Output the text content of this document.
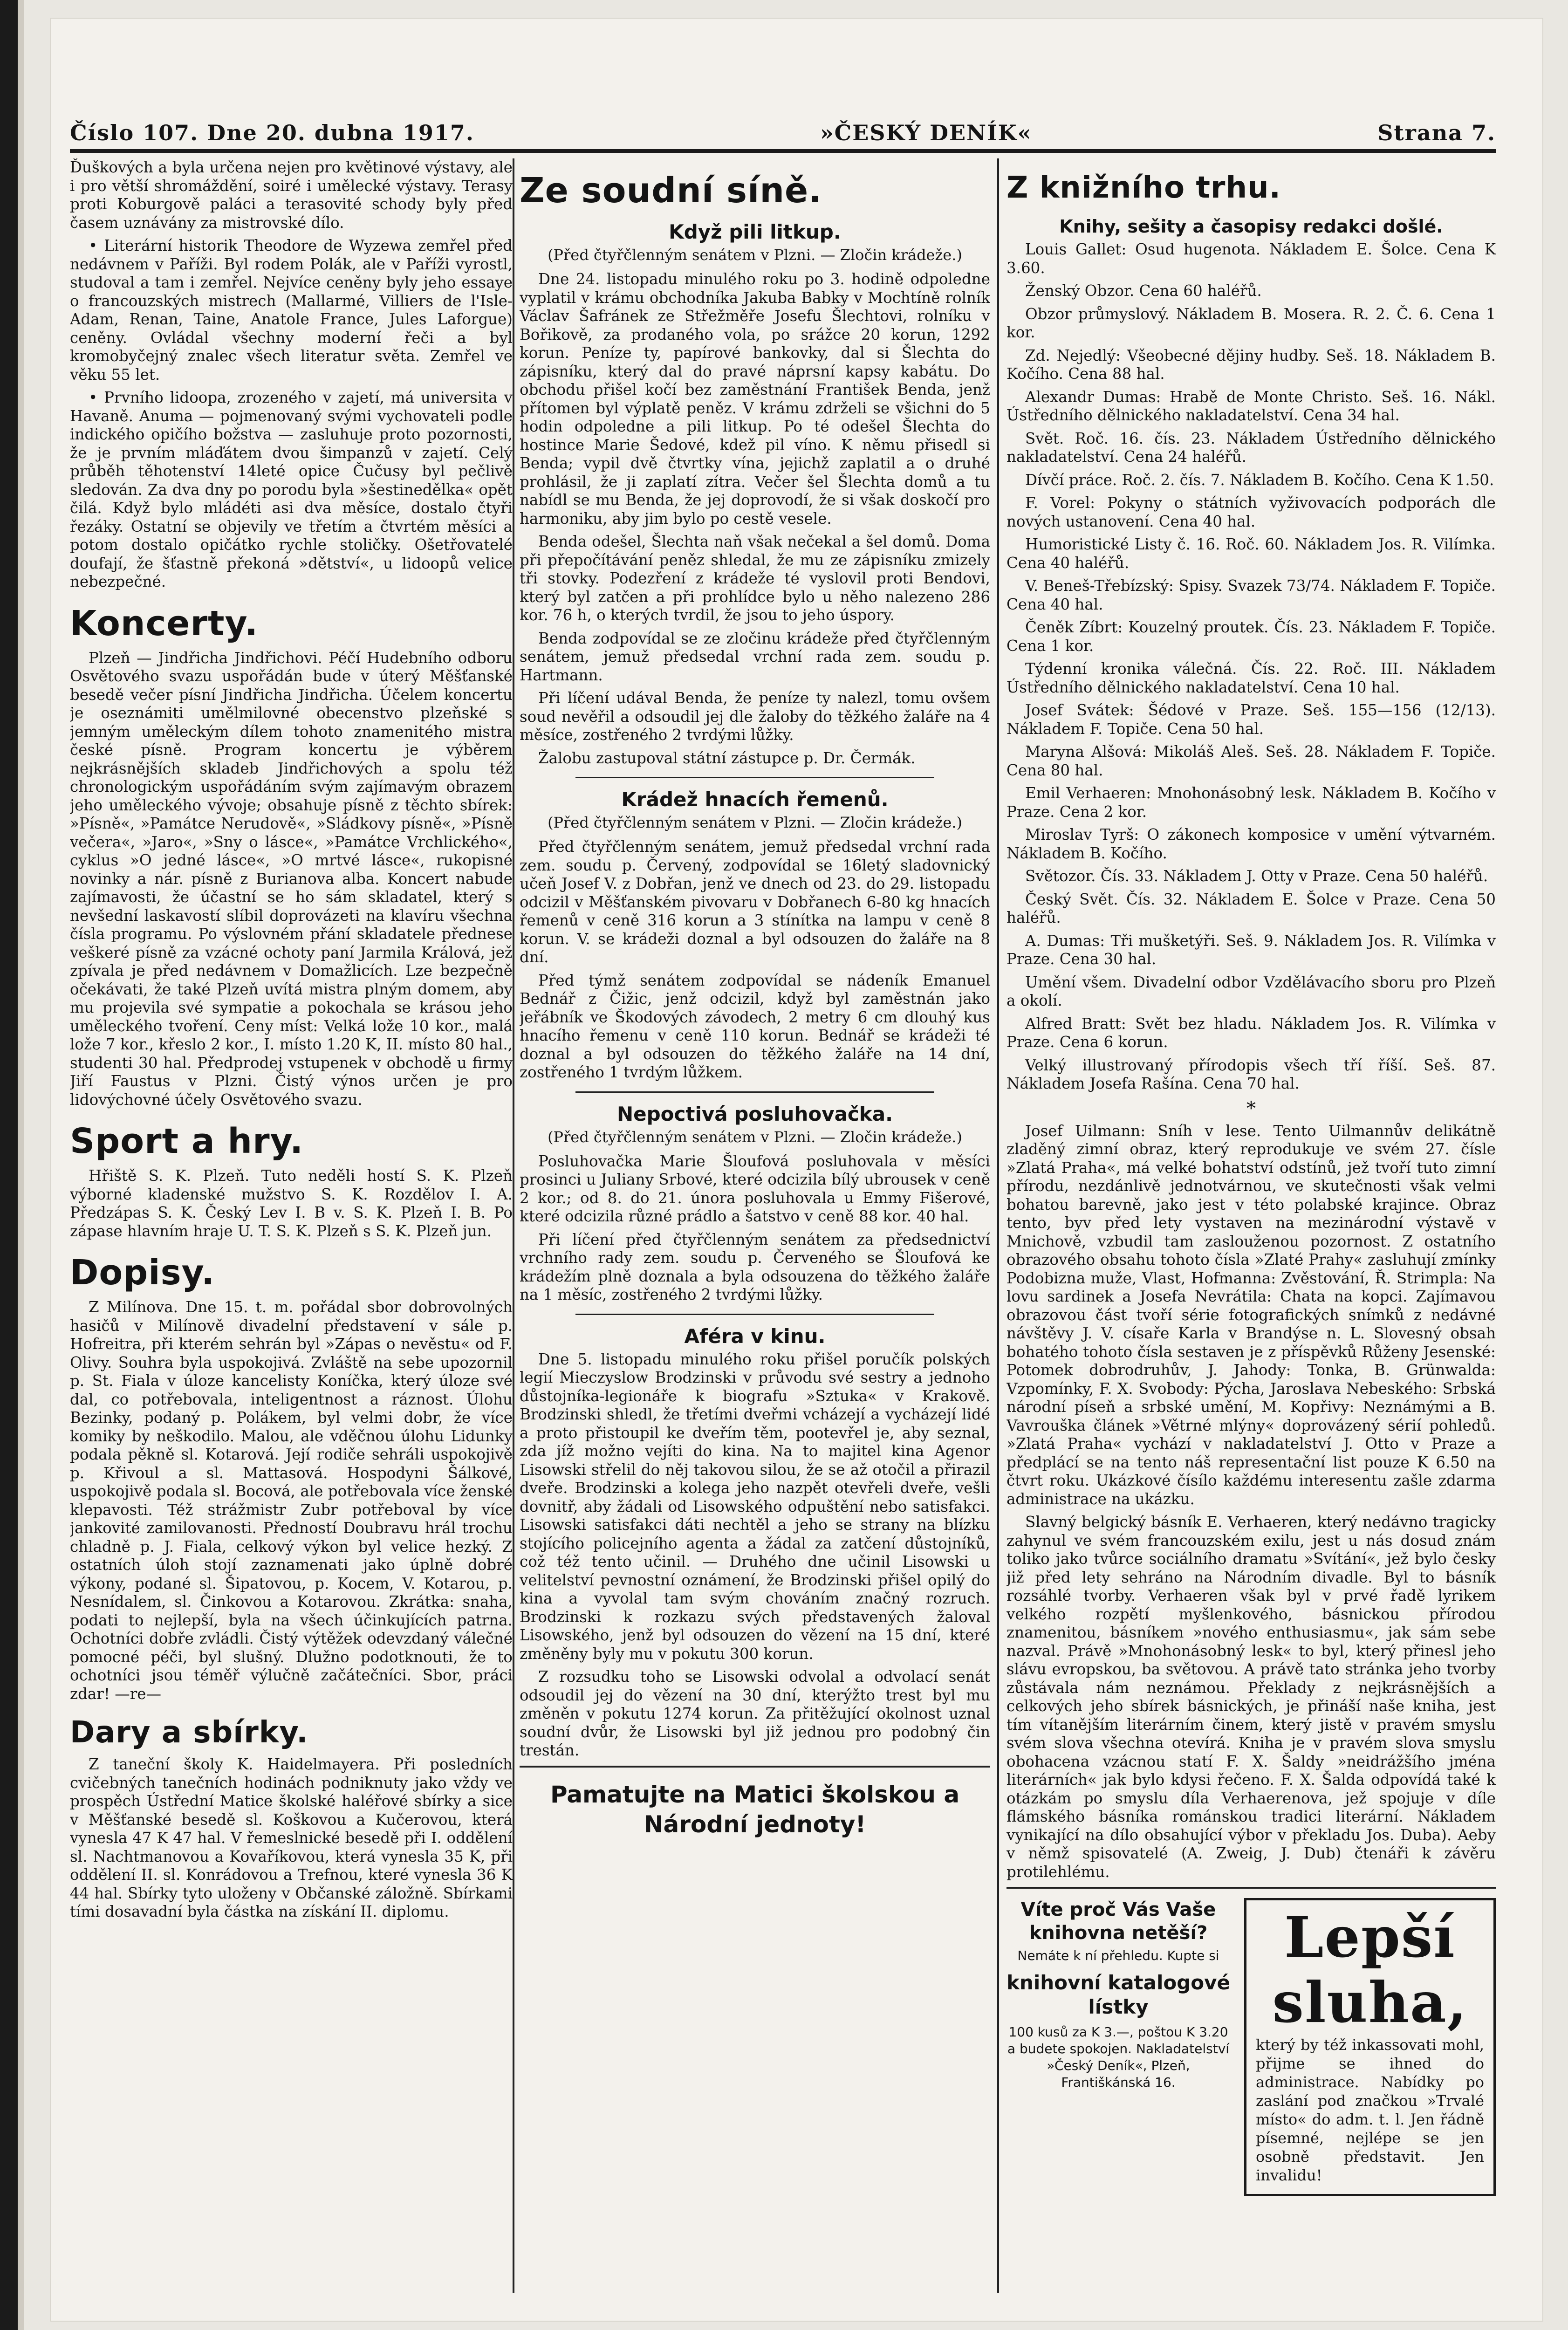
Číslo 107. Dne 20. dubna 1917.	»ČESKÝ DENÍK«	Strana 7.

Ďuškových a byla určena nejen pro květinové výstavy, ale i pro větší shromáždění, soiré i umělecké výstavy. Terasy proti Koburgově paláci a terasovité schody byly před časem uznávány za mistrovské dílo.

• Literární historik Theodore de Wyzewa zemřel před nedávnem v Paříži. Byl rodem Polák, ale v Paříži vyrostl, studoval a tam i zemřel. Nejvíce ceněny byly jeho essaye o francouzských mistrech (Mallarmé, Villiers de l'Isle-Adam, Renan, Taine, Anatole France, Jules Laforgue) ceněny. Ovládal všechny moderní řeči a byl kromobyčejný znalec všech literatur světa. Zemřel ve věku 55 let.

• Prvního lidoopa, zrozeného v zajetí, má universita v Havaně. Anuma — pojmenovaný svými vychovateli podle indického opičího božstva — zasluhuje proto pozornosti, že je prvním mláďátem dvou šimpanzů v zajetí. Celý průběh těhotenství 14leté opice Čučusy byl pečlivě sledován. Za dva dny po porodu byla »šestinedělka« opět čilá. Když bylo mládéti asi dva měsíce, dostalo čtyři řezáky. Ostatní se objevily ve třetím a čtvrtém měsíci a potom dostalo opičátko rychle stoličky. Ošetřovatelé doufají, že šťastně překoná »dětství«, u lidoopů velice nebezpečné.

Koncerty.

Plzeň — Jindřicha Jindřichovi. Péčí Hudebního odboru Osvětového svazu uspořádán bude v úterý Měšťanské besedě večer písní Jindřicha Jindřicha. Účelem koncertu je oseznámiti umělmilovné obecenstvo plzeňské s jemným uměleckým dílem tohoto znamenitého mistra české písně. Program koncertu je výběrem nejkrásnějších skladeb Jindřichových a spolu též chronologickým uspořádáním svým zajímavým obrazem jeho uměleckého vývoje; obsahuje písně z těchto sbírek: »Písně«, »Památce Nerudově«, »Sládkovy písně«, »Písně večera«, »Jaro«, »Sny o lásce«, »Památce Vrchlického«, cyklus »O jedné lásce«, »O mrtvé lásce«, rukopisné novinky a nár. písně z Burianova alba. Koncert nabude zajímavosti, že účastní se ho sám skladatel, který s nevšední laskavostí slíbil doprovázeti na klavíru všechna čísla programu. Po výslovném přání skladatele přednese veškeré písně za vzácné ochoty paní Jarmila Králová, jež zpívala je před nedávnem v Domažlicích. Lze bezpečně očekávati, že také Plzeň uvítá mistra plným domem, aby mu projevila své sympatie a pokochala se krásou jeho uměleckého tvoření. Ceny míst: Velká lože 10 kor., malá lože 7 kor., křeslo 2 kor., I. místo 1.20 K, II. místo 80 hal., studenti 30 hal. Předprodej vstupenek v obchodě u firmy Jiří Faustus v Plzni. Čistý výnos určen je pro lidovýchovné účely Osvětového svazu.

Sport a hry.

Hřiště S. K. Plzeň. Tuto neděli hostí S. K. Plzeň výborné kladenské mužstvo S. K. Rozdělov I. A. Předzápas S. K. Český Lev I. B v. S. K. Plzeň I. B. Po zápase hlavním hraje U. T. S. K. Plzeň s S. K. Plzeň jun.

Dopisy.

Z Milínova. Dne 15. t. m. pořádal sbor dobrovolných hasičů v Milínově divadelní představení v sále p. Hofreitra, při kterém sehrán byl »Zápas o nevěstu« od F. Olivy. Souhra byla uspokojivá. Zvláště na sebe upozornil p. St. Fiala v úloze kancelisty Koníčka, který úloze své dal, co potřebovala, inteligentnost a ráznost. Úlohu Bezinky, podaný p. Polákem, byl velmi dobr, že více komiky by neškodilo. Malou, ale vděčnou úlohu Lidunky podala pěkně sl. Kotarová. Její rodiče sehráli uspokojivě p. Křivoul a sl. Mattasová. Hospodyni Šálkové, uspokojivě podala sl. Bocová, ale potřebovala více ženské klepavosti. Též strážmistr Zubr potřeboval by více jankovité zamilovanosti. Předností Doubravu hrál trochu chladně p. J. Fiala, celkový výkon byl velice hezký. Z ostatních úloh stojí zaznamenati jako úplně dobré výkony, podané sl. Šipatovou, p. Kocem, V. Kotarou, p. Nesnídalem, sl. Činkovou a Kotarovou. Zkrátka: snaha, podati to nejlepší, byla na všech účinkujících patrna. Ochotníci dobře zvládli. Čistý výtěžek odevzdaný válečné pomocné péči, byl slušný. Dlužno podotknouti, že to ochotníci jsou téměř výlučně začátečníci. Sbor, práci zdar! —re—

Dary a sbírky.

Z taneční školy K. Haidelmayera. Při posledních cvičebných tanečních hodinách podniknuty jako vždy ve prospěch Ústřední Matice školské haléřové sbírky a sice v Měšťanské besedě sl. Koškovou a Kučerovou, která vynesla 47 K 47 hal. V řemeslnické besedě při I. oddělení sl. Nachtmanovou a Kovaříkovou, která vynesla 35 K, při oddělení II. sl. Konrádovou a Trefnou, které vynesla 36 K 44 hal. Sbírky tyto uloženy v Občanské záložně. Sbírkami tími dosavadní byla částka na získání II. diplomu.

Ze soudní síně.
Když pili litkup.
(Před čtyřčlenným senátem v Plzni. — Zločin krádeže.)

Dne 24. listopadu minulého roku po 3. hodině odpoledne vyplatil v krámu obchodníka Jakuba Babky v Mochtíně rolník Václav Šafránek ze Střežměře Josefu Šlechtovi, rolníku v Bořikově, za prodaného vola, po srážce 20 korun, 1292 korun. Peníze ty, papírové bankovky, dal si Šlechta do zápisníku, který dal do pravé náprsní kapsy kabátu. Do obchodu přišel kočí bez zaměstnání František Benda, jenž přítomen byl výplatě peněz. V krámu zdrželi se všichni do 5 hodin odpoledne a pili litkup. Po té odešel Šlechta do hostince Marie Šedové, kdež pil víno. K němu přisedl si Benda; vypil dvě čtvrtky vína, jejichž zaplatil a o druhé prohlásil, že ji zaplatí zítra. Večer šel Šlechta domů a tu nabídl se mu Benda, že jej doprovodí, že si však doskočí pro harmoniku, aby jim bylo po cestě vesele.

Benda odešel, Šlechta naň však nečekal a šel domů. Doma při přepočítávání peněz shledal, že mu ze zápisníku zmizely tři stovky. Podezření z krádeže té vyslovil proti Bendovi, který byl zatčen a při prohlídce bylo u něho nalezeno 286 kor. 76 h, o kterých tvrdil, že jsou to jeho úspory.

Benda zodpovídal se ze zločinu krádeže před čtyřčlenným senátem, jemuž předsedal vrchní rada zem. soudu p. Hartmann.

Při líčení udával Benda, že peníze ty nalezl, tomu ovšem soud nevěřil a odsoudil jej dle žaloby do těžkého žaláře na 4 měsíce, zostřeného 2 tvrdými lůžky.

Žalobu zastupoval státní zástupce p. Dr. Čermák.

Krádež hnacích řemenů.
(Před čtyřčlenným senátem v Plzni. — Zločin krádeže.)

Před čtyřčlenným senátem, jemuž předsedal vrchní rada zem. soudu p. Červený, zodpovídal se 16letý sladovnický učeň Josef V. z Dobřan, jenž ve dnech od 23. do 29. listopadu odcizil v Měšťanském pivovaru v Dobřanech 6-80 kg hnacích řemenů v ceně 316 korun a 3 stínítka na lampu v ceně 8 korun. V. se krádeži doznal a byl odsouzen do žaláře na 8 dní.

Před týmž senátem zodpovídal se nádeník Emanuel Bednář z Čižic, jenž odcizil, když byl zaměstnán jako jeřábník ve Škodových závodech, 2 metry 6 cm dlouhý kus hnacího řemenu v ceně 110 korun. Bednář se krádeži té doznal a byl odsouzen do těžkého žaláře na 14 dní, zostřeného 1 tvrdým lůžkem.

Nepoctivá posluhovačka.
(Před čtyřčlenným senátem v Plzni. — Zločin krádeže.)

Posluhovačka Marie Šloufová posluhovala v měsíci prosinci u Juliany Srbové, které odcizila bílý ubrousek v ceně 2 kor.; od 8. do 21. února posluhovala u Emmy Fišerové, které odcizila různé prádlo a šatstvo v ceně 88 kor. 40 hal.

Při líčení před čtyřčlenným senátem za předsednictví vrchního rady zem. soudu p. Červeného se Šloufová ke krádežím plně doznala a byla odsouzena do těžkého žaláře na 1 měsíc, zostřeného 2 tvrdými lůžky.

Aféra v kinu.

Dne 5. listopadu minulého roku přišel poručík polských legií Mieczyslow Brodzinski v průvodu své sestry a jednoho důstojníka-legionáře k biografu »Sztuka« v Krakově. Brodzinski shledl, že třetími dveřmi vcházejí a vycházejí lidé a proto přistoupil ke dveřím těm, pootevřel je, aby seznal, zda jíž možno vejíti do kina. Na to majitel kina Agenor Lisowski střelil do něj takovou silou, že se až otočil a přirazil dveře. Brodzinski a kolega jeho nazpět otevřeli dveře, vešli dovnitř, aby žádali od Lisowského odpuštění nebo satisfakci. Lisowski satisfakci dáti nechtěl a jeho se strany na blízku stojícího policejního agenta a žádal za zatčení důstojníků, což též tento učinil. — Druhého dne učinil Lisowski u velitelství pevnostní oznámení, že Brodzinski přišel opilý do kina a vyvolal tam svým chováním značný rozruch. Brodzinski k rozkazu svých představených žaloval Lisowského, jenž byl odsouzen do vězení na 15 dní, které změněny byly mu v pokutu 300 korun.

Z rozsudku toho se Lisowski odvolal a odvolací senát odsoudil jej do vězení na 30 dní, kterýžto trest byl mu změněn v pokutu 1274 korun. Za přitěžující okolnost uznal soudní dvůr, že Lisowski byl již jednou pro podobný čin trestán.

Pamatujte na Matici školskou a Národní jednoty!
Z knižního trhu.
Knihy, sešity a časopisy redakci došlé.

Louis Gallet: Osud hugenota. Nákladem E. Šolce. Cena K 3.60.

Ženský Obzor. Cena 60 haléřů.

Obzor průmyslový. Nákladem B. Mosera. R. 2. Č. 6. Cena 1 kor.

Zd. Nejedlý: Všeobecné dějiny hudby. Seš. 18. Nákladem B. Kočího. Cena 88 hal.

Alexandr Dumas: Hrabě de Monte Christo. Seš. 16. Nákl. Ústředního dělnického nakladatelství. Cena 34 hal.

Svět. Roč. 16. čís. 23. Nákladem Ústředního dělnického nakladatelství. Cena 24 haléřů.

Dívčí práce. Roč. 2. čís. 7. Nákladem B. Kočího. Cena K 1.50.

F. Vorel: Pokyny o státních vyživovacích podporách dle nových ustanovení. Cena 40 hal.

Humoristické Listy č. 16. Roč. 60. Nákladem Jos. R. Vilímka. Cena 40 haléřů.

V. Beneš-Třebízský: Spisy. Svazek 73/74. Nákladem F. Topiče. Cena 40 hal.

Čeněk Zíbrt: Kouzelný proutek. Čís. 23. Nákladem F. Topiče. Cena 1 kor.

Týdenní kronika válečná. Čís. 22. Roč. III. Nákladem Ústředního dělnického nakladatelství. Cena 10 hal.

Josef Svátek: Šédové v Praze. Seš. 155—156 (12/13). Nákladem F. Topiče. Cena 50 hal.

Maryna Alšová: Mikoláš Aleš. Seš. 28. Nákladem F. Topiče. Cena 80 hal.

Emil Verhaeren: Mnohonásobný lesk. Nákladem B. Kočího v Praze. Cena 2 kor.

Miroslav Tyrš: O zákonech komposice v umění výtvarném. Nákladem B. Kočího.

Světozor. Čís. 33. Nákladem J. Otty v Praze. Cena 50 haléřů.

Český Svět. Čís. 32. Nákladem E. Šolce v Praze. Cena 50 haléřů.

A. Dumas: Tři mušketýři. Seš. 9. Nákladem Jos. R. Vilímka v Praze. Cena 30 hal.

Umění všem. Divadelní odbor Vzdělávacího sboru pro Plzeň a okolí.

Alfred Bratt: Svět bez hladu. Nákladem Jos. R. Vilímka v Praze. Cena 6 korun.

Velký illustrovaný přírodopis všech tří říší. Seš. 87. Nákladem Josefa Rašína. Cena 70 hal.

*

Josef Uilmann: Sníh v lese. Tento Uilmannův delikátně zladěný zimní obraz, který reprodukuje ve svém 27. čísle »Zlatá Praha«, má velké bohatství odstínů, jež tvoří tuto zimní přírodu, nezdánlivě jednotvárnou, ve skutečnosti však velmi bohatou barevně, jako jest v této polabské krajince. Obraz tento, byv před lety vystaven na mezinárodní výstavě v Mnichově, vzbudil tam zaslouženou pozornost. Z ostatního obrazového obsahu tohoto čísla »Zlaté Prahy« zasluhují zmínky Podobizna muže, Vlast, Hofmanna: Zvěstování, Ř. Strimpla: Na lovu sardinek a Josefa Nevrátila: Chata na kopci. Zajímavou obrazovou část tvoří série fotografických snímků z nedávné návštěvy J. V. císaře Karla v Brandýse n. L. Slovesný obsah bohatého tohoto čísla sestaven je z příspěvků Růženy Jesenské: Potomek dobrodruhův, J. Jahody: Tonka, B. Grünwalda: Vzpomínky, F. X. Svobody: Pýcha, Jaroslava Nebeského: Srbská národní píseň a srbské umění, M. Kopřivy: Neznámými a B. Vavrouška článek »Větrné mlýny« doprovázený sérií pohledů. »Zlatá Praha« vychází v nakladatelství J. Otto v Praze a předplácí se na tento náš representační list pouze K 6.50 na čtvrt roku. Ukázkové čísílo každému interesentu zašle zdarma administrace na ukázku.

Slavný belgický básník E. Verhaeren, který nedávno tragicky zahynul ve svém francouzském exilu, jest u nás dosud znám toliko jako tvůrce sociálního dramatu »Svítání«, jež bylo česky již před lety sehráno na Národním divadle. Byl to básník rozsáhlé tvorby. Verhaeren však byl v prvé řadě lyrikem velkého rozpětí myšlenkového, básnickou přírodou znamenitou, básníkem »nového enthusiasmu«, jak sám sebe nazval. Právě »Mnohonásobný lesk« to byl, který přinesl jeho slávu evropskou, ba světovou. A právě tato stránka jeho tvorby zůstávala nám neznámou. Překlady z nejkrásnějších a celkových jeho sbírek básnických, je přináší naše kniha, jest tím vítanějším literárním činem, který jistě v pravém smyslu svém slova všechna otevírá. Kniha je v pravém slova smyslu obohacena vzácnou statí F. X. Šaldy »neidrážšího jména literárních« jak bylo kdysi řečeno. F. X. Šalda odpovídá také k otázkám po smyslu díla Verhaerenova, jež spojuje v díle flámského básníka románskou tradici literární. Nákladem vynikající na dílo obsahující výbor v překladu Jos. Duba). Aeby v němž spisovatelé (A. Zweig, J. Dub) čtenáři k závěru protilehlému.

Víte proč Vás Vaše knihovna netěší?
Nemáte k ní přehledu. Kupte si
knihovní katalogové lístky
100 kusů za K 3.—, poštou K 3.20 a budete spokojen. Nakladatelství »Český Deník«, Plzeň, Františkánská 16.
Lepší sluha,

který by též inkassovati mohl, přijme se ihned do administrace. Nabídky po zaslání pod značkou »Trvalé místo« do adm. t. l. Jen řádně písemné, nejlépe se jen osobně představit. Jen invalidu!
